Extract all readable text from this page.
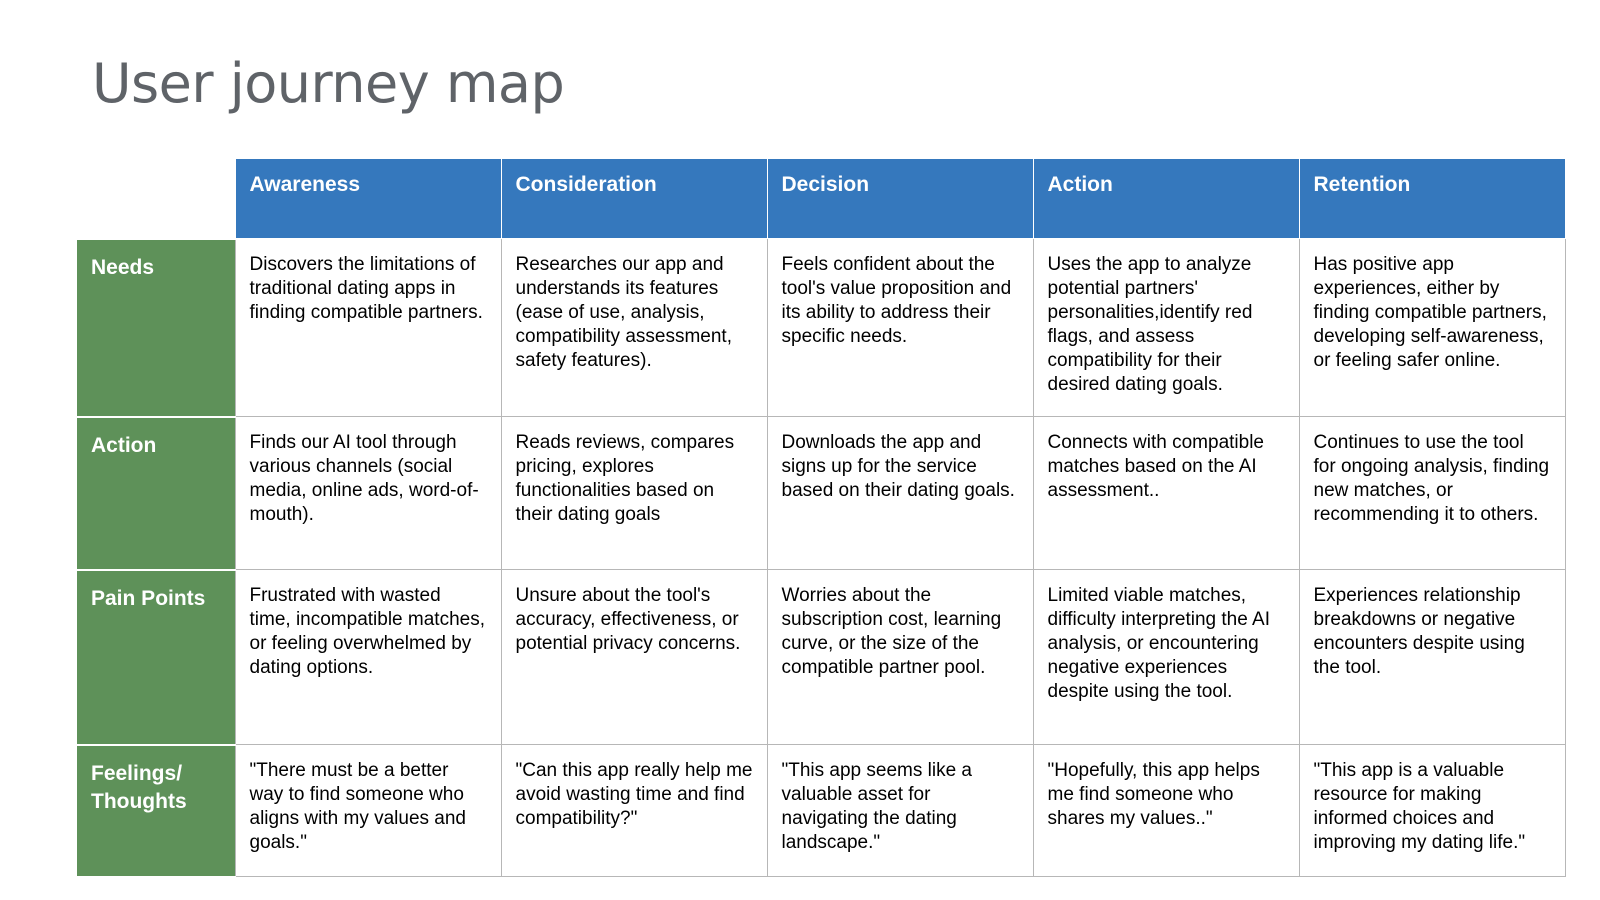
User journey map
	Awareness	Consideration	Decision	Action	Retention
Needs	Discovers the limitations of traditional dating apps in finding compatible partners.	Researches our app and understands its features (ease of use, analysis, compatibility assessment, safety features).	Feels confident about the tool's value proposition and its ability to address their specific needs.	Uses the app to analyze potential partners' personalities,identify red flags, and assess compatibility for their desired dating goals.	Has positive app experiences, either by finding compatible partners, developing self-awareness, or feeling safer online.
Action	Finds our AI tool through various channels (social media, online ads, word-of-mouth).	Reads reviews, compares pricing, explores functionalities based on their dating goals	Downloads the app and signs up for the service based on their dating goals.	Connects with compatible matches based on the AI assessment..	Continues to use the tool for ongoing analysis, finding new matches, or recommending it to others.
Pain Points	Frustrated with wasted time, incompatible matches, or feeling overwhelmed by dating options.	Unsure about the tool's accuracy, effectiveness, or potential privacy concerns.	Worries about the subscription cost, learning curve, or the size of the compatible partner pool.	Limited viable matches, difficulty interpreting the AI analysis, or encountering negative experiences despite using the tool.	Experiences relationship breakdowns or negative encounters despite using the tool.
Feelings/ Thoughts	"There must be a better way to find someone who aligns with my values and goals."	"Can this app really help me avoid wasting time and find compatibility?"	"This app seems like a valuable asset for navigating the dating landscape."	"Hopefully, this app helps me find someone who shares my values.."	"This app is a valuable resource for making informed choices and improving my dating life."
